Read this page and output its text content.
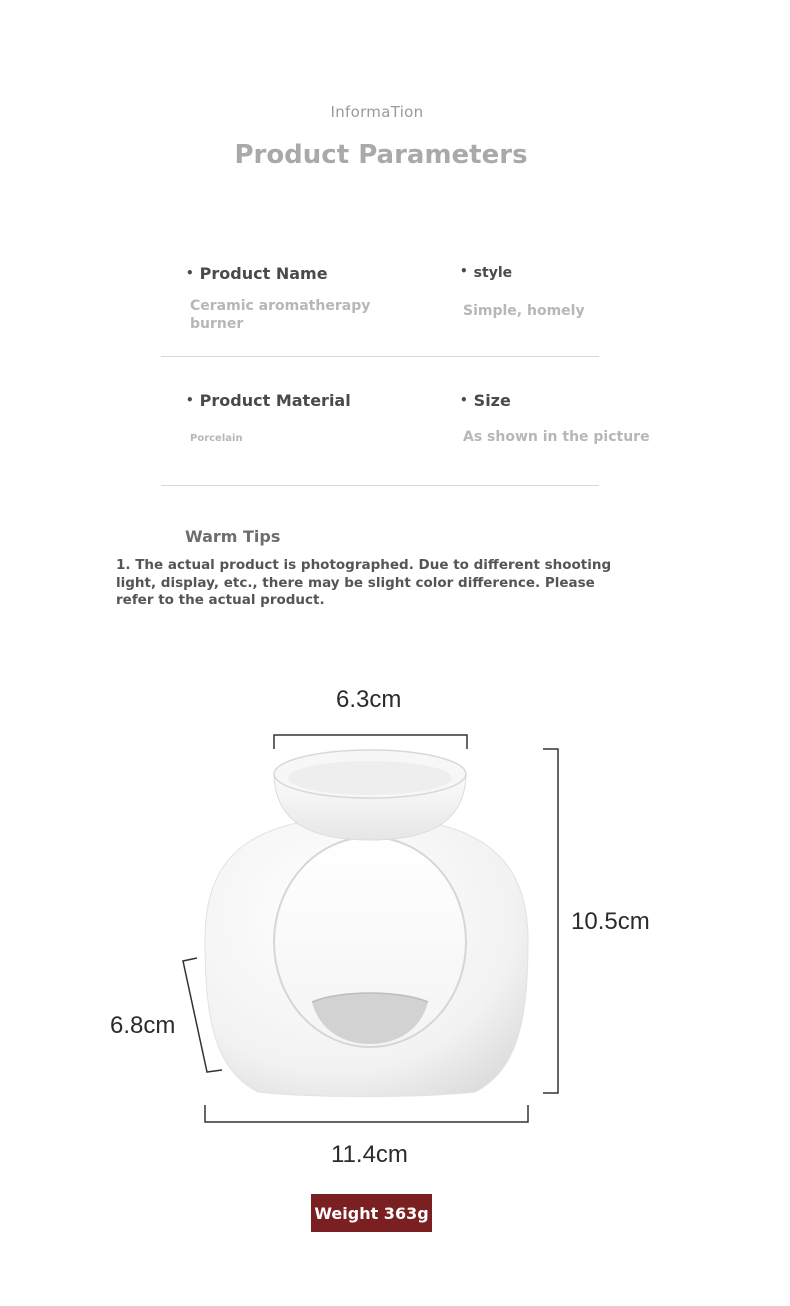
InformaTion
Product Parameters
• Product Name
Ceramic aromatherapy burner
• style
Simple, homely
• Product Material
Porcelain
• Size
As shown in the picture
Warm Tips
1. The actual product is photographed. Due to different shooting light, display, etc., there may be slight color difference. Please refer to the actual product.
6.3cm
10.5cm
6.8cm
11.4cm
Weight 363g
